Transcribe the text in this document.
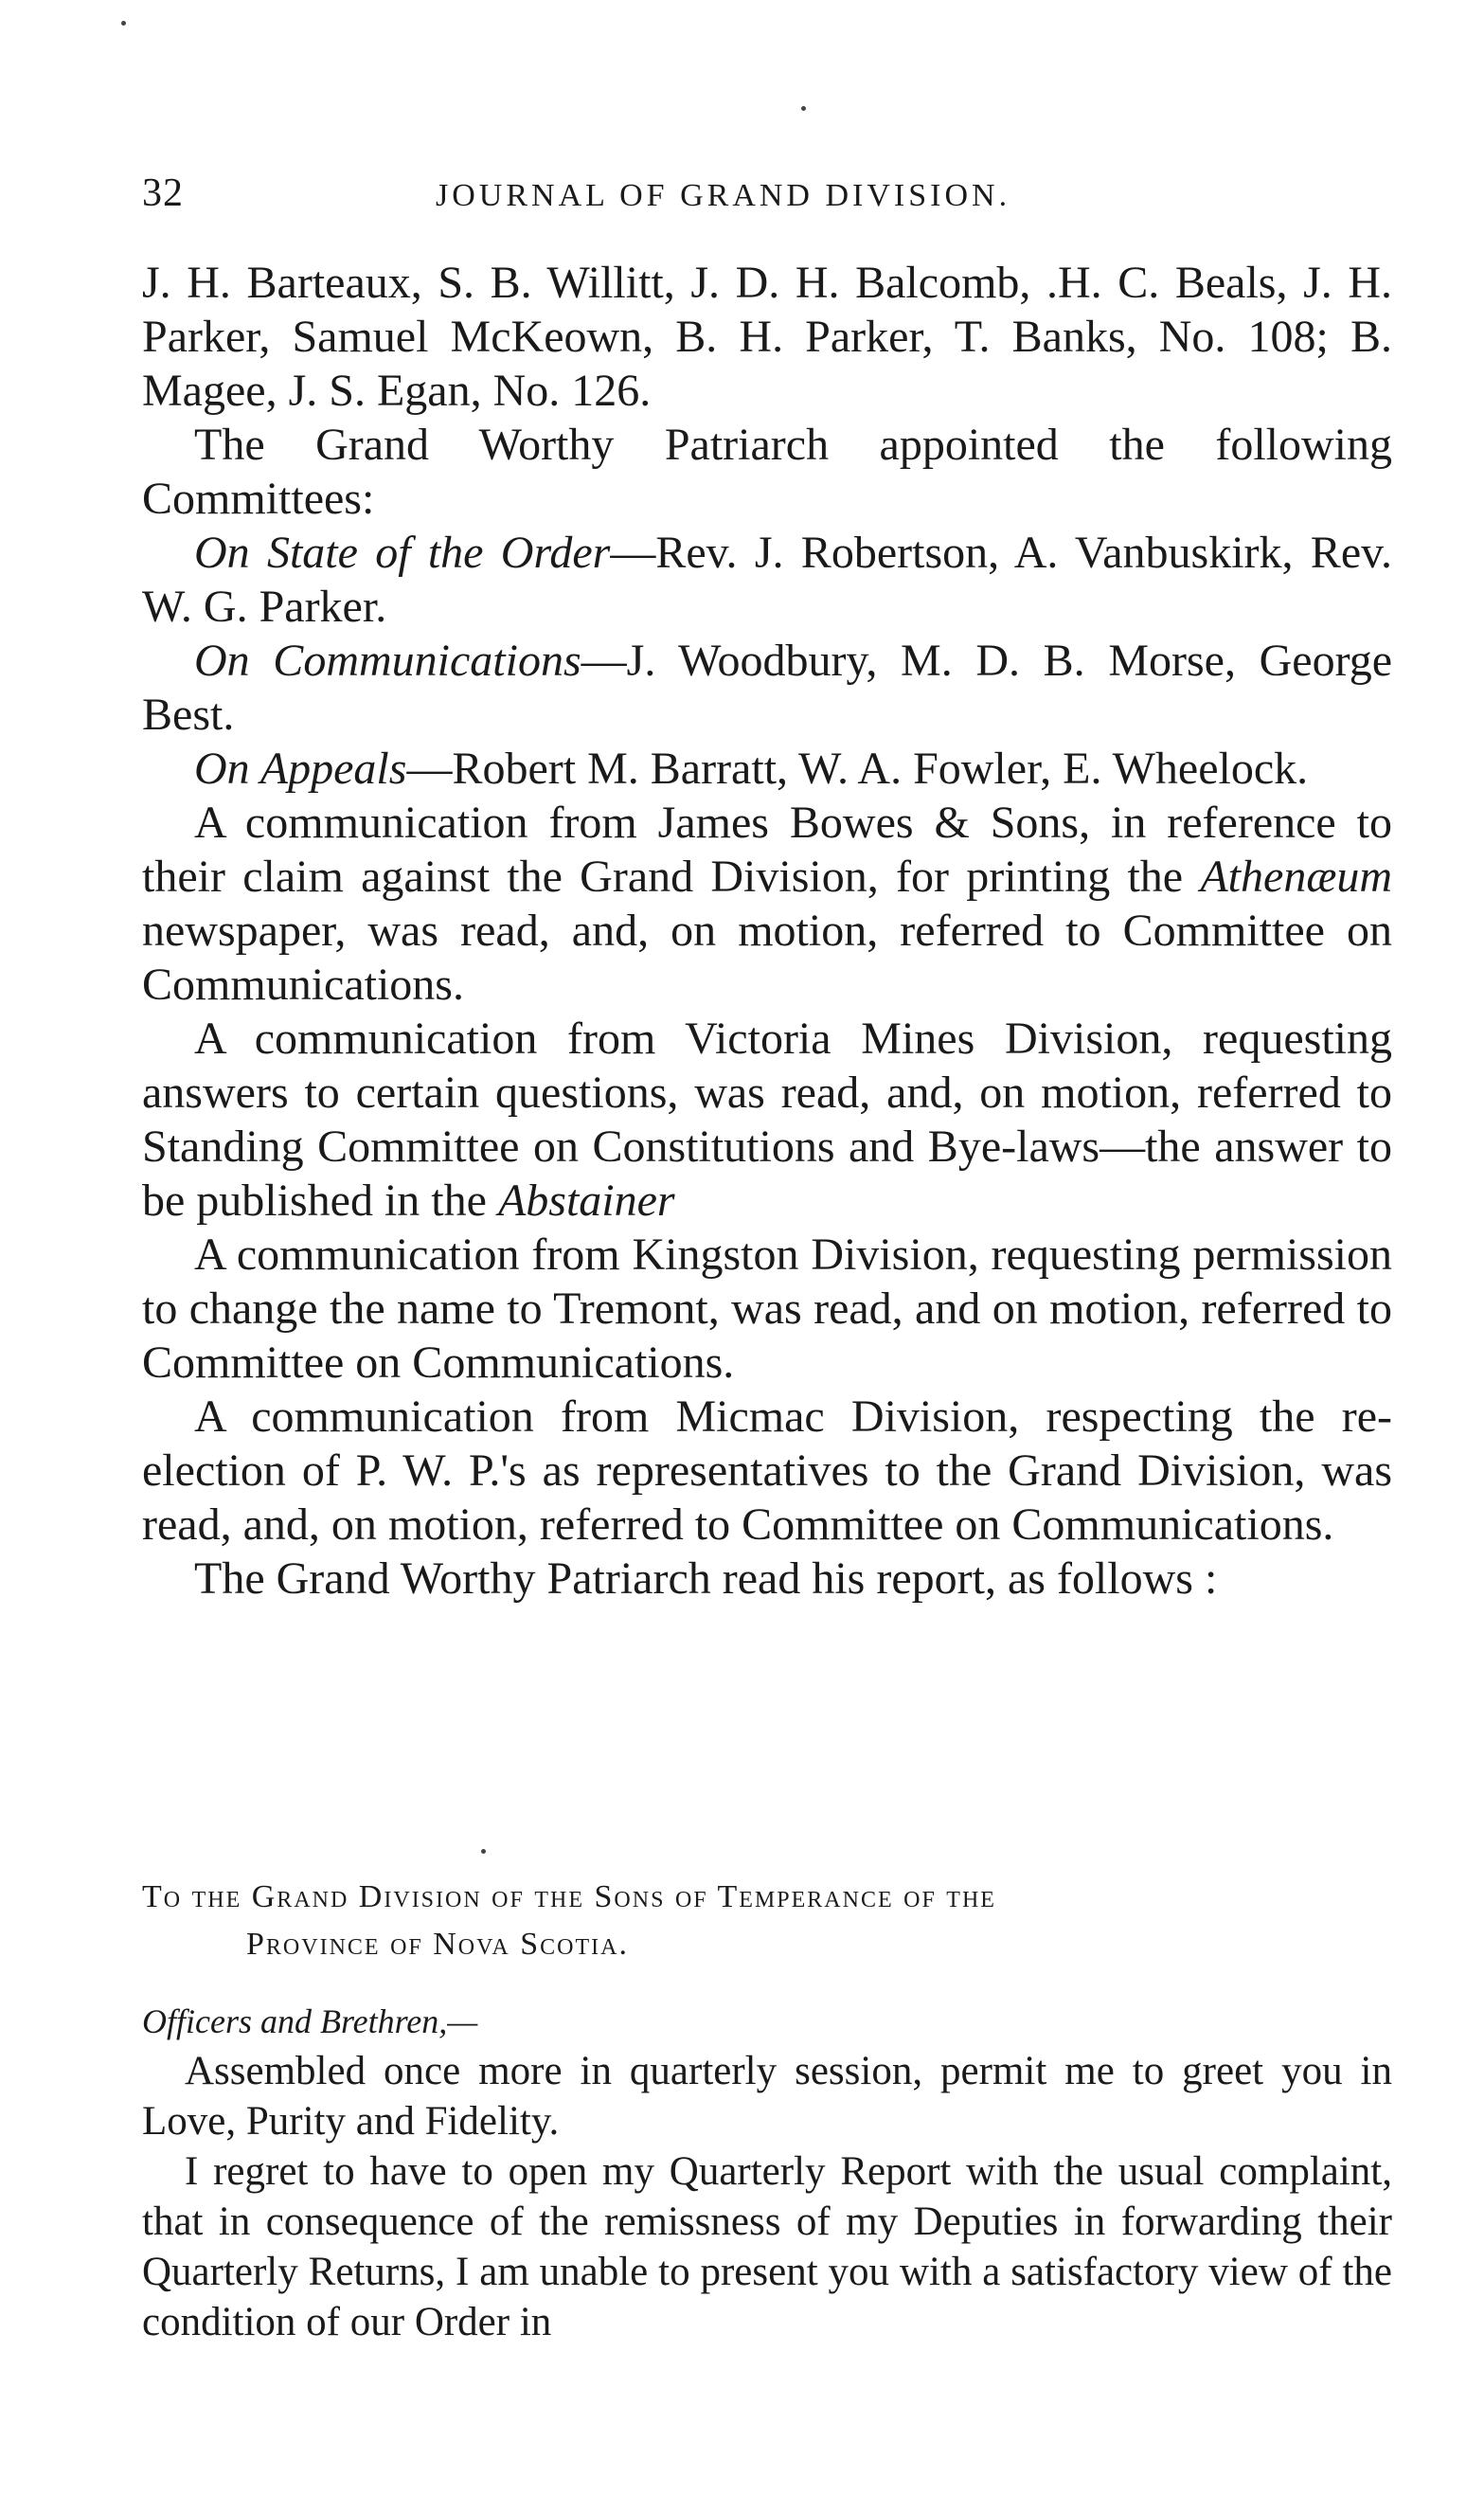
32	JOURNAL OF GRAND DIVISION.

J. H. Barteaux, S. B. Willitt, J. D. H. Balcomb, .H. C. Beals, J. H. Parker, Samuel McKeown, B. H. Parker, T. Banks, No. 108; B. Magee, J. S. Egan, No. 126.

The Grand Worthy Patriarch appointed the following Committees:

On State of the Order—Rev. J. Robertson, A. Vanbuskirk, Rev. W. G. Parker.

On Communications—J. Woodbury, M. D. B. Morse, George Best.

On Appeals—Robert M. Barratt, W. A. Fowler, E. Wheelock.

A communication from James Bowes & Sons, in reference to their claim against the Grand Division, for printing the Athenæum newspaper, was read, and, on motion, referred to Committee on Communications.

A communication from Victoria Mines Division, requesting answers to certain questions, was read, and, on motion, referred to Standing Committee on Constitutions and Bye-laws—the answer to be published in the Abstainer

A communication from Kingston Division, requesting permission to change the name to Tremont, was read, and on motion, referred to Committee on Communications.

A communication from Micmac Division, respecting the re-election of P. W. P.'s as representatives to the Grand Division, was read, and, on motion, referred to Committee on Communications.

The Grand Worthy Patriarch read his report, as follows :

To the Grand Division of the Sons of Temperance of the
Province of Nova Scotia.
Officers and Brethren,—

Assembled once more in quarterly session, permit me to greet you in Love, Purity and Fidelity.

I regret to have to open my Quarterly Report with the usual complaint, that in consequence of the remissness of my Deputies in forwarding their Quarterly Returns, I am unable to present you with a satisfactory view of the condition of our Order in
